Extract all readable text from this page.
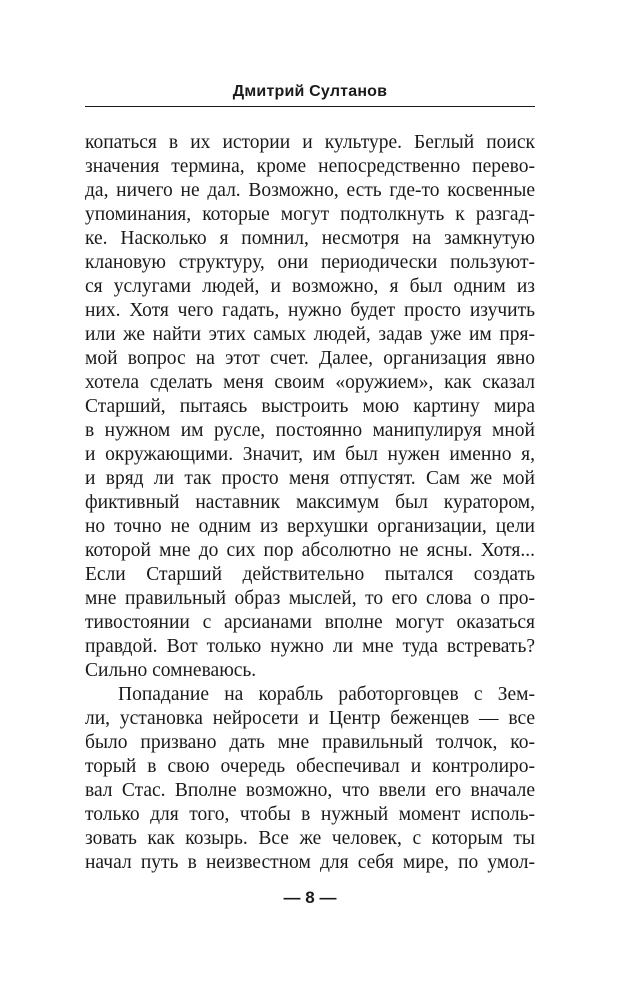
Дмитрий Султанов
копаться в их истории и культуре. Беглый поиск
значения термина, кроме непосредственно перево-
да, ничего не дал. Возможно, есть где-то косвенные
упоминания, которые могут подтолкнуть к разгад-
ке. Насколько я помнил, несмотря на замкнутую
клановую структуру, они периодически пользуют-
ся услугами людей, и возможно, я был одним из
них. Хотя чего гадать, нужно будет просто изучить
или же найти этих самых людей, задав уже им пря-
мой вопрос на этот счет. Далее, организация явно
хотела сделать меня своим «оружием», как сказал
Старший, пытаясь выстроить мою картину мира
в нужном им русле, постоянно манипулируя мной
и окружающими. Значит, им был нужен именно я,
и вряд ли так просто меня отпустят. Сам же мой
фиктивный наставник максимум был куратором,
но точно не одним из верхушки организации, цели
которой мне до сих пор абсолютно не ясны. Хотя...
Если Старший действительно пытался создать
мне правильный образ мыслей, то его слова о про-
тивостоянии с арсианами вполне могут оказаться
правдой. Вот только нужно ли мне туда встревать?
Сильно сомневаюсь.
Попадание на корабль работорговцев с Зем-
ли, установка нейросети и Центр беженцев — все
было призвано дать мне правильный толчок, ко-
торый в свою очередь обеспечивал и контролиро-
вал Стас. Вполне возможно, что ввели его вначале
только для того, чтобы в нужный момент исполь-
зовать как козырь. Все же человек, с которым ты
начал путь в неизвестном для себя мире, по умол-
— 8 —
